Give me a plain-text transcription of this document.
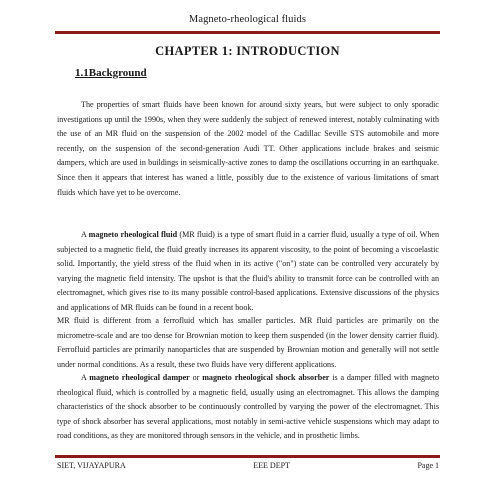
Magneto-rheological fluids
CHAPTER 1: INTRODUCTION
1.1Background

The properties of smart fluids have been known for around sixty years, but were subject to only sporadic investigations up until the 1990s, when they were suddenly the subject of renewed interest, notably culminating with the use of an MR fluid on the suspension of the 2002 model of the Cadillac Seville STS automobile and more recently, on the suspension of the second-generation Audi TT. Other applications include brakes and seismic dampers, which are used in buildings in seismically-active zones to damp the oscillations occurring in an earthquake. Since then it appears that interest has waned a little, possibly due to the existence of various limitations of smart fluids which have yet to be overcome.

A magneto rheological fluid (MR fluid) is a type of smart fluid in a carrier fluid, usually a type of oil. When subjected to a magnetic field, the fluid greatly increases its apparent viscosity, to the point of becoming a viscoelastic solid. Importantly, the yield stress of the fluid when in its active ("on") state can be controlled very accurately by varying the magnetic field intensity. The upshot is that the fluid's ability to transmit force can be controlled with an electromagnet, which gives rise to its many possible control-based applications. Extensive discussions of the physics and applications of MR fluids can be found in a recent book.

MR fluid is different from a ferrofluid which has smaller particles. MR fluid particles are primarily on the micrometre-scale and are too dense for Brownian motion to keep them suspended (in the lower density carrier fluid). Ferrofluid particles are primarily nanoparticles that are suspended by Brownian motion and generally will not settle under normal conditions. As a result, these two fluids have very different applications.

A magneto rheological damper or magneto rheological shock absorber is a damper filled with magneto rheological fluid, which is controlled by a magnetic field, usually using an electromagnet. This allows the damping characteristics of the shock absorber to be continuously controlled by varying the power of the electromagnet. This type of shock absorber has several applications, most notably in semi-active vehicle suspensions which may adapt to road conditions, as they are monitored through sensors in the vehicle, and in prosthetic limbs.

SIET, VIJAYAPURA	EEE DEPT	Page 1
